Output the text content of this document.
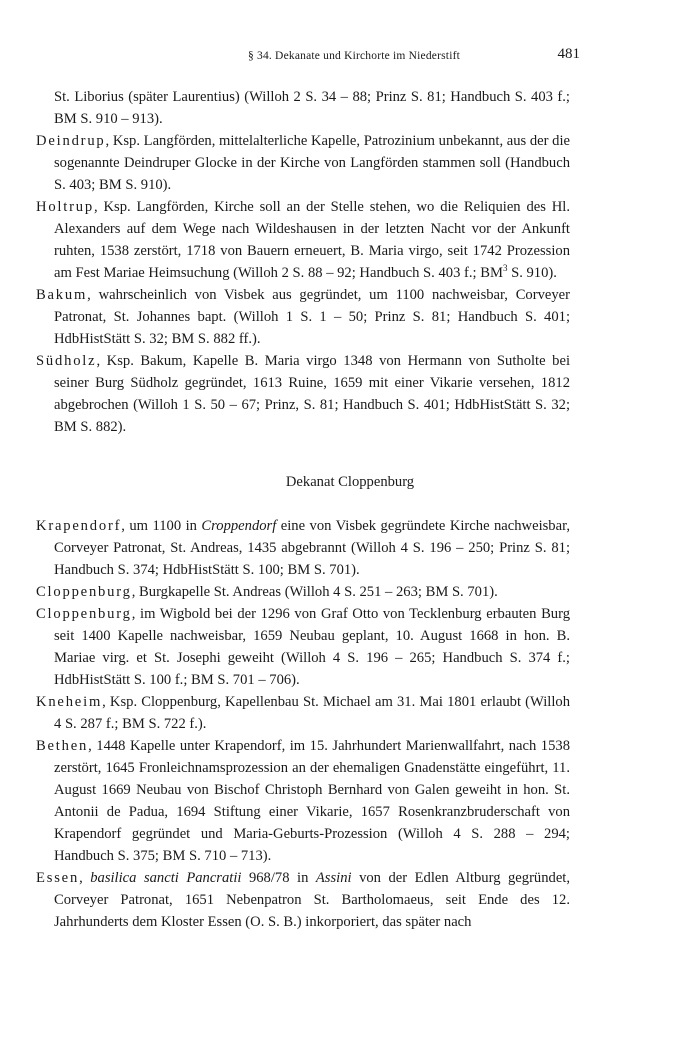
§ 34. Dekanate und Kirchorte im Niederstift	481

St. Liborius (später Laurentius) (Willoh 2 S. 34 – 88; Prinz S. 81; Handbuch S. 403 f.; BM S. 910 – 913).

Deindrup, Ksp. Langförden, mittelalterliche Kapelle, Patrozinium unbekannt, aus der die sogenannte Deindruper Glocke in der Kirche von Langförden stammen soll (Handbuch S. 403; BM S. 910).

Holtrup, Ksp. Langförden, Kirche soll an der Stelle stehen, wo die Reliquien des Hl. Alexanders auf dem Wege nach Wildeshausen in der letzten Nacht vor der Ankunft ruhten, 1538 zerstört, 1718 von Bauern erneuert, B. Maria virgo, seit 1742 Prozession am Fest Mariae Heimsuchung (Willoh 2 S. 88 – 92; Handbuch S. 403 f.; $BM^3$ S. 910).

Bakum, wahrscheinlich von Visbek aus gegründet, um 1100 nachweisbar, Corveyer Patronat, St. Johannes bapt. (Willoh 1 S. 1 – 50; Prinz S. 81; Handbuch S. 401; HdbHistStätt S. 32; BM S. 882 ff.).

Südholz, Ksp. Bakum, Kapelle B. Maria virgo 1348 von Hermann von Sutholte bei seiner Burg Südholz gegründet, 1613 Ruine, 1659 mit einer Vikarie versehen, 1812 abgebrochen (Willoh 1 S. 50 – 67; Prinz, S. 81; Handbuch S. 401; HdbHistStätt S. 32; BM S. 882).

Dekanat Cloppenburg

Krapendorf, um 1100 in Croppendorf eine von Visbek gegründete Kirche nachweisbar, Corveyer Patronat, St. Andreas, 1435 abgebrannt (Willoh 4 S. 196 – 250; Prinz S. 81; Handbuch S. 374; HdbHistStätt S. 100; BM S. 701).

Cloppenburg, Burgkapelle St. Andreas (Willoh 4 S. 251 – 263; BM S. 701).

Cloppenburg, im Wigbold bei der 1296 von Graf Otto von Tecklenburg erbauten Burg seit 1400 Kapelle nachweisbar, 1659 Neubau geplant, 10. August 1668 in hon. B. Mariae virg. et St. Josephi geweiht (Willoh 4 S. 196 – 265; Handbuch S. 374 f.; HdbHistStätt S. 100 f.; BM S. 701 – 706).

Kneheim, Ksp. Cloppenburg, Kapellenbau St. Michael am 31. Mai 1801 erlaubt (Willoh 4 S. 287 f.; BM S. 722 f.).

Bethen, 1448 Kapelle unter Krapendorf, im 15. Jahrhundert Marienwallfahrt, nach 1538 zerstört, 1645 Fronleichnamsprozession an der ehemaligen Gnadenstätte eingeführt, 11. August 1669 Neubau von Bischof Christoph Bernhard von Galen geweiht in hon. St. Antonii de Padua, 1694 Stiftung einer Vikarie, 1657 Rosenkranzbruderschaft von Krapendorf gegründet und Maria-Geburts-Prozession (Willoh 4 S. 288 – 294; Handbuch S. 375; BM S. 710 – 713).

Essen, basilica sancti Pancratii 968/78 in Assini von der Edlen Altburg gegründet, Corveyer Patronat, 1651 Nebenpatron St. Bartholomaeus, seit Ende des 12. Jahrhunderts dem Kloster Essen (O. S. B.) inkorporiert, das später nach
